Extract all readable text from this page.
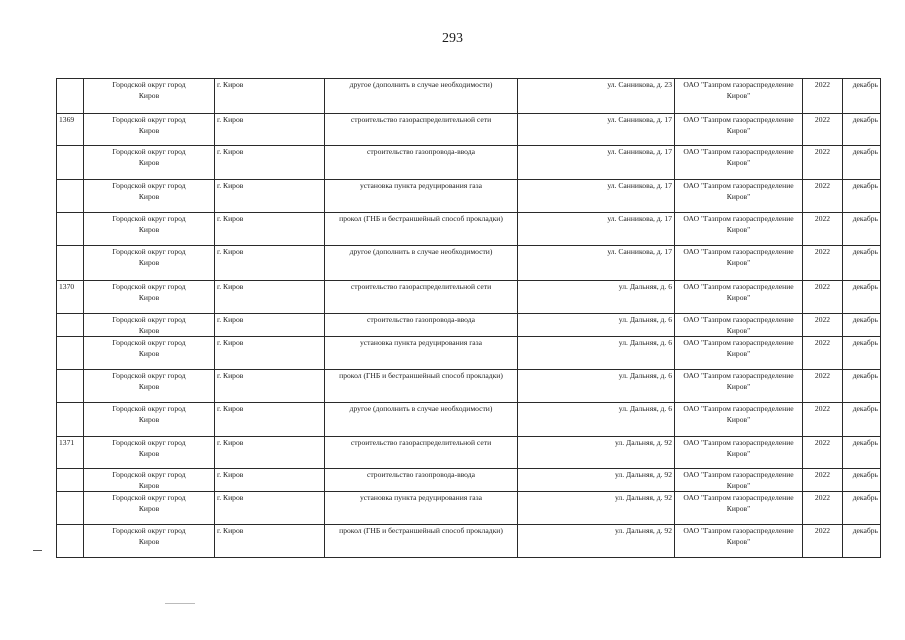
293

	Городской округ город
Киров	г. Киров	другое (дополнить в случае необходимости)	ул. Санникова, д. 23	ОАО "Газпром газораспределение
Киров"	2022	декабрь
1369	Городской округ город
Киров	г. Киров	строительство газораспределительной сети	ул. Санникова, д. 17	ОАО "Газпром газораспределение
Киров"	2022	декабрь

	Городской округ город
Киров	г. Киров	строительство газопровода-ввода	ул. Санникова, д. 17	ОАО "Газпром газораспределение
Киров"	2022	декабрь

	Городской округ город
Киров	г. Киров	установка пункта редуцирования газа	ул. Санникова, д. 17	ОАО "Газпром газораспределение
Киров"	2022	декабрь

	Городской округ город
Киров	г. Киров	прокол (ГНБ и бестраншейный способ прокладки)	ул. Санникова, д. 17	ОАО "Газпром газораспределение
Киров"	2022	декабрь

	Городской округ город
Киров	г. Киров	другое (дополнить в случае необходимости)	ул. Санникова, д. 17	ОАО "Газпром газораспределение
Киров"	2022	декабрь
1370	Городской округ город
Киров	г. Киров	строительство газораспределительной сети	ул. Дальняя, д. 6	ОАО "Газпром газораспределение
Киров"	2022	декабрь

	Городской округ город
Киров	г. Киров	строительство газопровода-ввода	ул. Дальняя, д. 6	ОАО "Газпром газораспределение
Киров"	2022	декабрь

	Городской округ город
Киров	г. Киров	установка пункта редуцирования газа	ул. Дальняя, д. 6	ОАО "Газпром газораспределение
Киров"	2022	декабрь

	Городской округ город
Киров	г. Киров	прокол (ГНБ и бестраншейный способ прокладки)	ул. Дальняя, д. 6	ОАО "Газпром газораспределение
Киров"	2022	декабрь

	Городской округ город
Киров	г. Киров	другое (дополнить в случае необходимости)	ул. Дальняя, д. 6	ОАО "Газпром газораспределение
Киров"	2022	декабрь
1371	Городской округ город
Киров	г. Киров	строительство газораспределительной сети	ул. Дальняя, д. 92	ОАО "Газпром газораспределение
Киров"	2022	декабрь

	Городской округ город
Киров	г. Киров	строительство газопровода-ввода	ул. Дальняя, д. 92	ОАО "Газпром газораспределение
Киров"	2022	декабрь

	Городской округ город
Киров	г. Киров	установка пункта редуцирования газа	ул. Дальняя, д. 92	ОАО "Газпром газораспределение
Киров"	2022	декабрь

	Городской округ город
Киров	г. Киров	прокол (ГНБ и бестраншейный способ прокладки)	ул. Дальняя, д. 92	ОАО "Газпром газораспределение
Киров"	2022	декабрь
